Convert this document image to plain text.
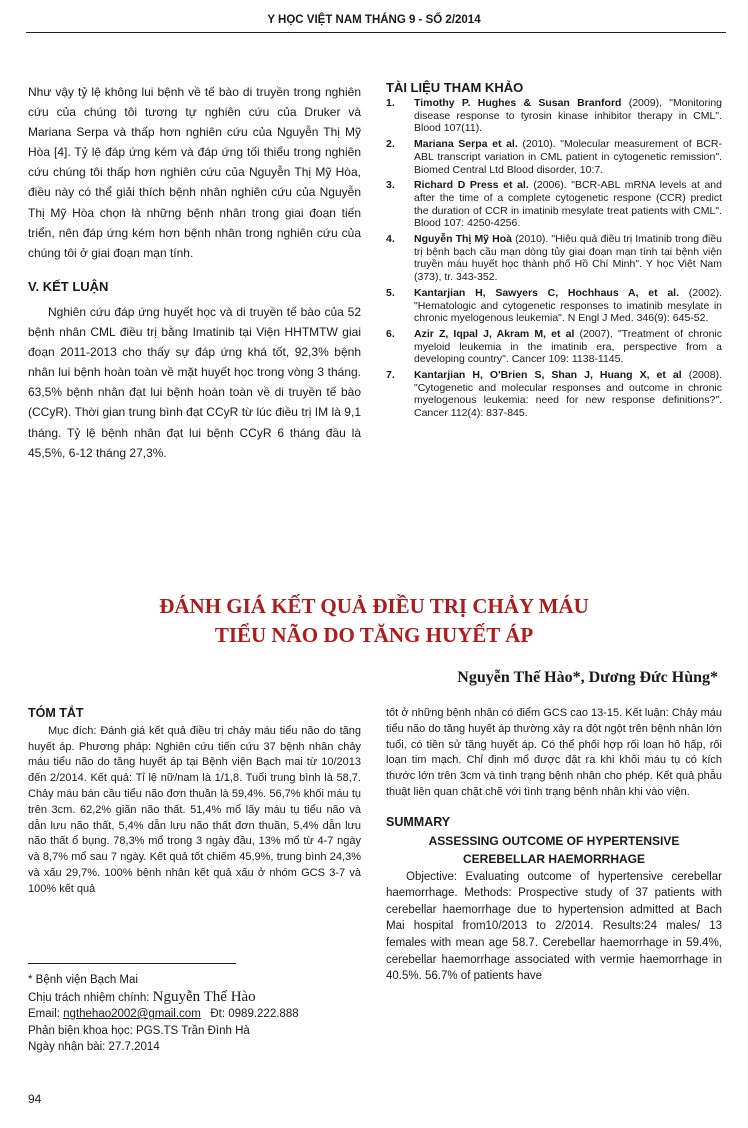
Y HỌC VIỆT NAM THÁNG 9 - SỐ 2/2014

Như vậy tỷ lệ không lui bệnh về tế bào di truyền trong nghiên cứu của chúng tôi tương tự nghiên cứu của Druker và Mariana Serpa và thấp hơn nghiên cứu của Nguyễn Thị Mỹ Hòa [4]. Tỷ lệ đáp ứng kém và đáp ứng tối thiểu trong nghiên cứu chúng tôi thấp hơn nghiên cứu của Nguyễn Thị Mỹ Hòa, điều này có thể giải thích bệnh nhân nghiên cứu của Nguyễn Thị Mỹ Hòa chọn là những bệnh nhân trong giai đoạn tiến triển, nên đáp ứng kém hơn bệnh nhân trong nghiên cứu của chúng tôi ở giai đoạn mạn tính.

V. KẾT LUẬN

Nghiên cứu đáp ứng huyết học và di truyền tế bào của 52 bệnh nhân CML điều trị bằng Imatinib tại Viện HHTMTW giai đoạn 2011-2013 cho thấy sự đáp ứng khá tốt, 92,3% bệnh nhân lui bệnh hoàn toàn về mặt huyết học trong vòng 3 tháng. 63,5% bệnh nhân đạt lui bệnh hoàn toàn về di truyền tế bào (CCyR). Thời gian trung bình đạt CCyR từ lúc điều trị IM là 9,1 tháng. Tỷ lệ bệnh nhân đạt lui bệnh CCyR 6 tháng đầu là 45,5%, 6-12 tháng 27,3%.

TÀI LIỆU THAM KHẢO
1.	Timothy P. Hughes & Susan Branford (2009), "Monitoring disease response to tyrosin kinase inhibitor therapy in CML". Blood 107(11).
2.	Mariana Serpa et al. (2010). "Molecular measurement of BCR-ABL transcript variation in CML patient in cytogenetic remission". Biomed Central Ltd Blood disorder, 10:7.
3.	Richard D Press et al. (2006). "BCR-ABL mRNA levels at and after the time of a complete cytogenetic respone (CCR) predict the duration of CCR in imatinib mesylate treat patients with CML". Blood 107: 4250-4256.
4.	Nguyễn Thị Mỹ Hoà (2010). "Hiệu quả điều trị Imatinib trong điều trị bệnh bạch cầu mạn dòng tủy giai đoạn mạn tính tại bệnh viện truyền máu huyết học thành phố Hồ Chí Minh". Y học Việt Nam (373), tr. 343-352.
5.	Kantarjian H, Sawyers C, Hochhaus A, et al. (2002). "Hematologic and cytogenetic responses to imatinib mesylate in chronic myelogenous leukemia". N Engl J Med. 346(9): 645-52.
6.	Azir Z, Iqpal J, Akram M, et al (2007), "Treatment of chronic myeloid leukemia in the imatinib era, perspective from a developing country". Cancer 109: 1138-1145.
7.	Kantarjian H, O'Brien S, Shan J, Huang X, et al (2008). "Cytogenetic and molecular responses and outcome in chronic myelogenous leukemia: need for new response definitions?". Cancer 112(4): 837-845.
ĐÁNH GIÁ KẾT QUẢ ĐIỀU TRỊ CHẢY MÁU
TIỂU NÃO DO TĂNG HUYẾT ÁP
Nguyễn Thế Hào*, Dương Đức Hùng*
TÓM TẮT

Mục đích: Đánh giá kết quả điều trị chảy máu tiểu não do tăng huyết áp. Phương pháp: Nghiên cứu tiến cứu 37 bệnh nhân chảy máu tiểu não do tăng huyết áp tại Bệnh viện Bạch mai từ 10/2013 đến 2/2014. Kết quả: Tỉ lệ nữ/nam là 1/1,8. Tuổi trung bình là 58,7. Chảy máu bán cầu tiểu não đơn thuần là 59,4%. 56,7% khối máu tụ trên 3cm. 62,2% giãn não thất. 51,4% mổ lấy máu tụ tiểu não và dẫn lưu não thất, 5,4% dẫn lưu não thất đơn thuần, 5,4% dẫn lưu não thất ổ bụng. 78,3% mổ trong 3 ngày đầu, 13% mổ từ 4-7 ngày và 8,7% mổ sau 7 ngày. Kết quả tốt chiếm 45,9%, trung bình 24,3% và xấu 29,7%. 100% bệnh nhân kết quả xấu ở nhóm GCS 3-7 và 100% kết quả

tốt ở những bệnh nhân có điểm GCS cao 13-15. Kết luận: Chảy máu tiểu não do tăng huyết áp thường xảy ra đột ngột trên bệnh nhân lớn tuổi, có tiền sử tăng huyết áp. Có thể phối hợp rối loạn hô hấp, rối loạn tim mạch. Chỉ định mổ được đặt ra khi khối máu tụ có kích thước lớn trên 3cm và tình trạng bệnh nhân cho phép. Kết quả phẫu thuật liên quan chặt chẽ với tình trạng bệnh nhân khi vào viện.

SUMMARY
ASSESSING OUTCOME OF HYPERTENSIVE
CEREBELLAR HAEMORRHAGE

Objective: Evaluating outcome of hypertensive cerebellar haemorrhage. Methods: Prospective study of 37 patients with cerebellar haemorrhage due to hypertension admitted at Bach Mai hospital from10/2013 to 2/2014. Results:24 males/ 13 females with mean age 58.7. Cerebellar haemorrhage in 59.4%, cerebellar haemorrhage associated with vermie haemorrhage in 40.5%. 56.7% of patients have

* Bệnh viện Bạch Mai
Chịu trách nhiệm chính: Nguyễn Thế Hào
Email: ngthehao2002@gmail.com   Đt: 0989.222.888
Phản biện khoa học: PGS.TS Trần Đình Hà
Ngày nhận bài: 27.7.2014
94
